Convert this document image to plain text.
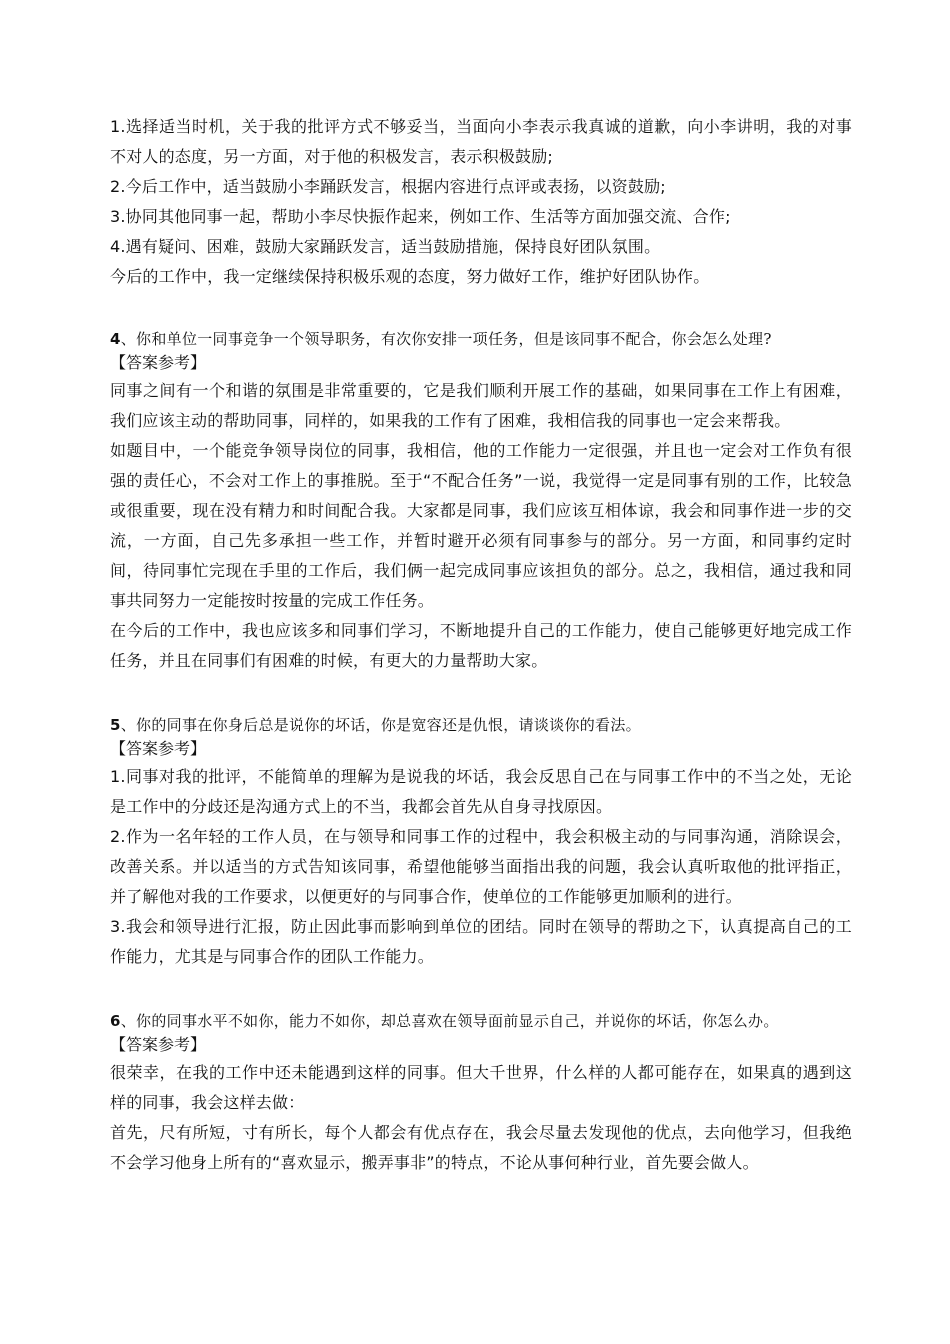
1.选择适当时机，关于我的批评方式不够妥当，当面向小李表示我真诚的道歉，向小李讲明，我的对事不对人的态度，另一方面，对于他的积极发言，表示积极鼓励;

2.今后工作中，适当鼓励小李踊跃发言，根据内容进行点评或表扬，以资鼓励;

3.协同其他同事一起，帮助小李尽快振作起来，例如工作、生活等方面加强交流、合作;

4.遇有疑问、困难，鼓励大家踊跃发言，适当鼓励措施，保持良好团队氛围。

今后的工作中，我一定继续保持积极乐观的态度，努力做好工作，维护好团队协作。

4、你和单位一同事竞争一个领导职务，有次你安排一项任务，但是该同事不配合，你会怎么处理?

【答案参考】

同事之间有一个和谐的氛围是非常重要的，它是我们顺利开展工作的基础，如果同事在工作上有困难，我们应该主动的帮助同事，同样的，如果我的工作有了困难，我相信我的同事也一定会来帮我。

如题目中，一个能竞争领导岗位的同事，我相信，他的工作能力一定很强，并且也一定会对工作负有很强的责任心，不会对工作上的事推脱。至于“不配合任务”一说，我觉得一定是同事有别的工作，比较急或很重要，现在没有精力和时间配合我。大家都是同事，我们应该互相体谅，我会和同事作进一步的交流，一方面，自己先多承担一些工作，并暂时避开必须有同事参与的部分。另一方面，和同事约定时间，待同事忙完现在手里的工作后，我们俩一起完成同事应该担负的部分。总之，我相信，通过我和同事共同努力一定能按时按量的完成工作任务。

在今后的工作中，我也应该多和同事们学习，不断地提升自己的工作能力，使自己能够更好地完成工作任务，并且在同事们有困难的时候，有更大的力量帮助大家。

5、你的同事在你身后总是说你的坏话，你是宽容还是仇恨，请谈谈你的看法。

【答案参考】

1.同事对我的批评，不能简单的理解为是说我的坏话，我会反思自己在与同事工作中的不当之处，无论是工作中的分歧还是沟通方式上的不当，我都会首先从自身寻找原因。

2.作为一名年轻的工作人员，在与领导和同事工作的过程中，我会积极主动的与同事沟通，消除误会，改善关系。并以适当的方式告知该同事，希望他能够当面指出我的问题，我会认真听取他的批评指正，并了解他对我的工作要求，以便更好的与同事合作，使单位的工作能够更加顺利的进行。

3.我会和领导进行汇报，防止因此事而影响到单位的团结。同时在领导的帮助之下，认真提高自己的工作能力，尤其是与同事合作的团队工作能力。

6、你的同事水平不如你，能力不如你，却总喜欢在领导面前显示自己，并说你的坏话，你怎么办。

【答案参考】

很荣幸，在我的工作中还未能遇到这样的同事。但大千世界，什么样的人都可能存在，如果真的遇到这样的同事，我会这样去做：

首先，尺有所短，寸有所长，每个人都会有优点存在，我会尽量去发现他的优点，去向他学习，但我绝不会学习他身上所有的“喜欢显示，搬弄事非”的特点，不论从事何种行业，首先要会做人。
